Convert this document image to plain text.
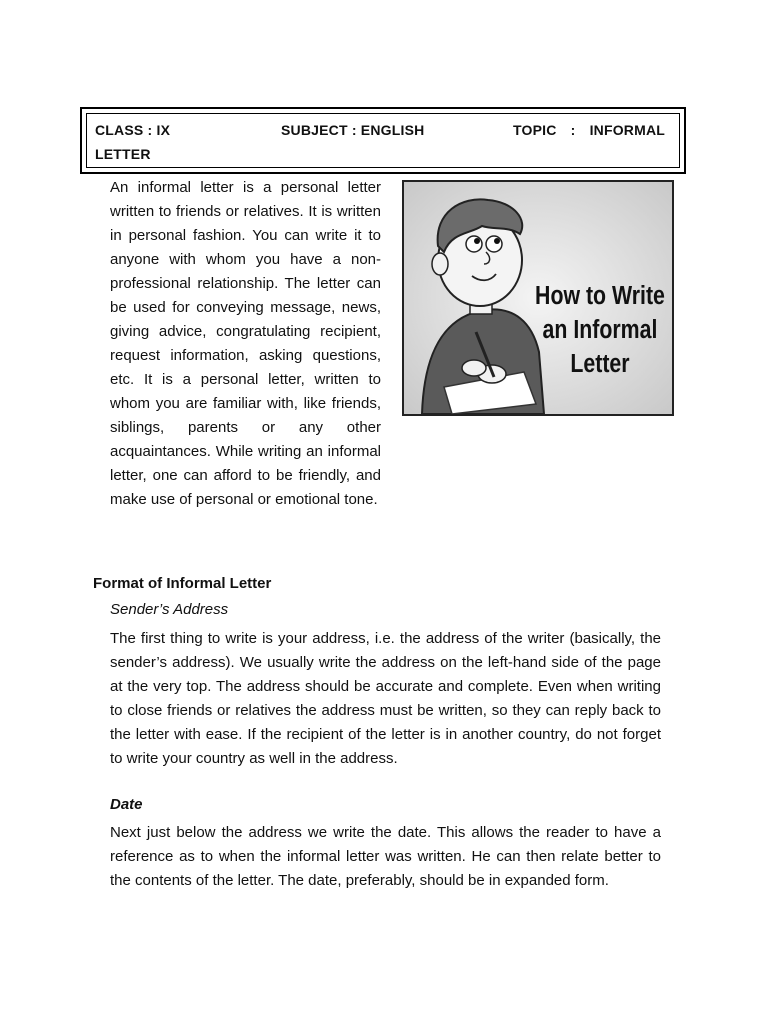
CLASS : IX	SUBJECT : ENGLISH	TOPIC : INFORMAL
LETTER

An informal letter is a personal letter written to friends or relatives. It is written in personal fashion. You can write it to anyone with whom you have a non-professional relationship. The letter can be used for conveying message, news, giving advice, congratulating recipient, request information, asking questions, etc. It is a personal letter, written to whom you are familiar with, like friends, siblings, parents or any other acquaintances. While writing an informal letter, one can afford to be friendly, and make use of personal or emotional tone.

How to Write
an Informal
Letter
Format of Informal Letter
Sender’s Address

The first thing to write is your address, i.e. the address of the writer (basically, the sender’s address). We usually write the address on the left-hand side of the page at the very top. The address should be accurate and complete. Even when writing to close friends or relatives the address must be written, so they can reply back to the letter with ease. If the recipient of the letter is in another country, do not forget to write your country as well in the address.

Date

Next just below the address we write the date. This allows the reader to have a reference as to when the informal letter was written. He can then relate better to the contents of the letter. The date, preferably, should be in expanded form.
